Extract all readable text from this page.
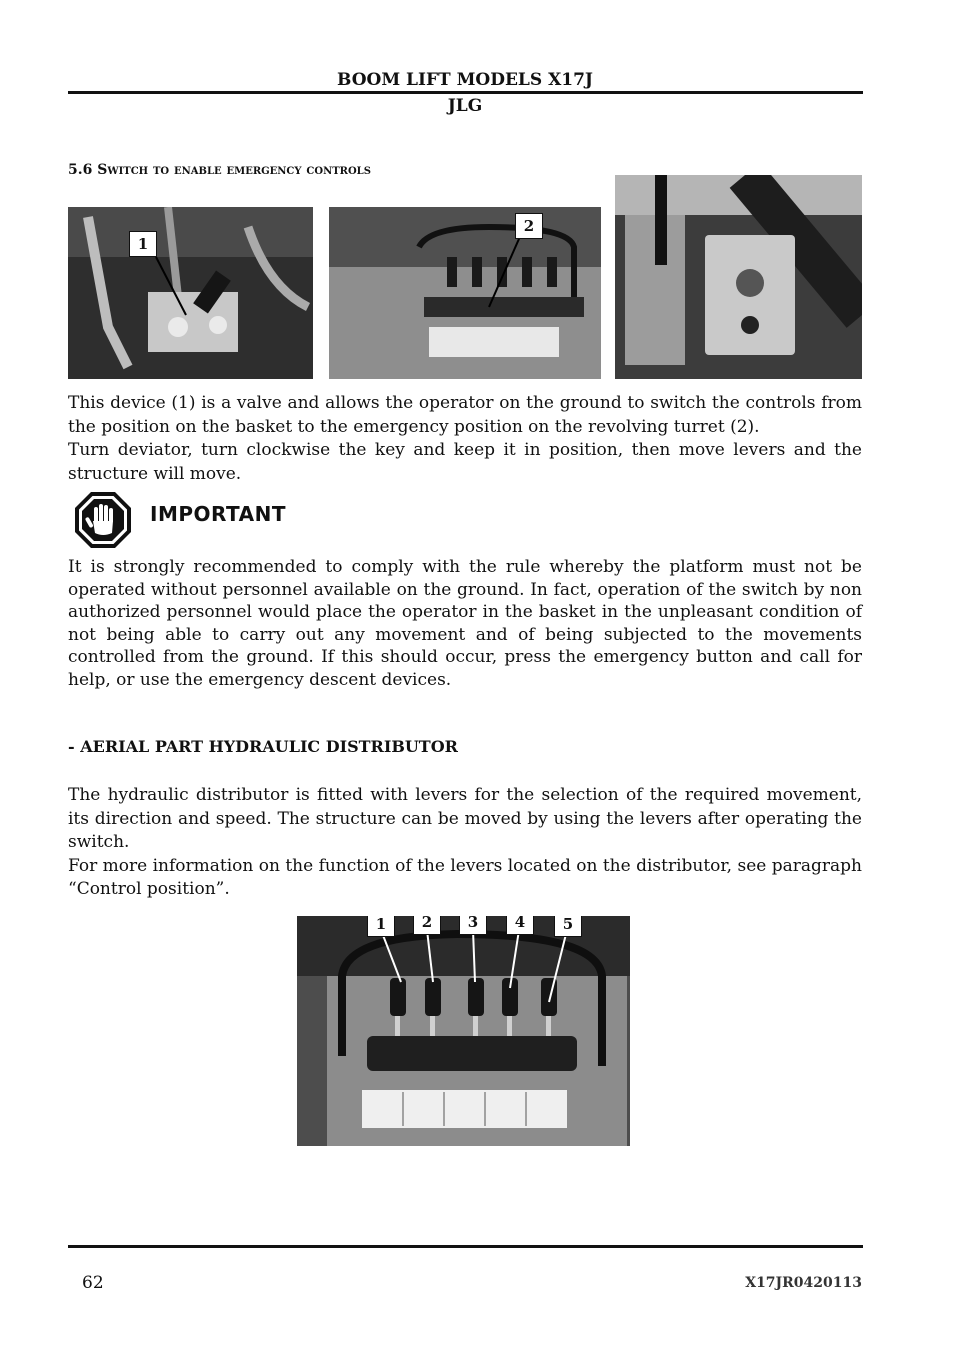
BOOM LIFT MODELS X17J
JLG
5.6 Switch to enable emergency controls
1
2

This device (1) is a valve and allows the operator on the ground to switch the controls from the position on the basket to the emergency position on the revolving turret (2).

Turn deviator, turn clockwise the key and keep it in position, then move levers and the structure will move.

IMPORTANT

It is strongly recommended to comply with the rule whereby the platform must not be operated without personnel available on the ground. In fact, operation of the switch by non authorized personnel would place the operator in the basket in the unpleasant condition of not being able to carry out any movement and of being subjected to the movements controlled from the ground. If this should occur, press the emergency button and call for help, or use the emergency descent devices.

- AERIAL PART HYDRAULIC DISTRIBUTOR

The hydraulic distributor is fitted with levers for the selection of the required movement, its direction and speed. The structure can be moved by using the levers after operating the switch.

For more information on the function of the levers located on the distributor, see paragraph “Control position”.

1	2	3	4	5
62	X17JR0420113
